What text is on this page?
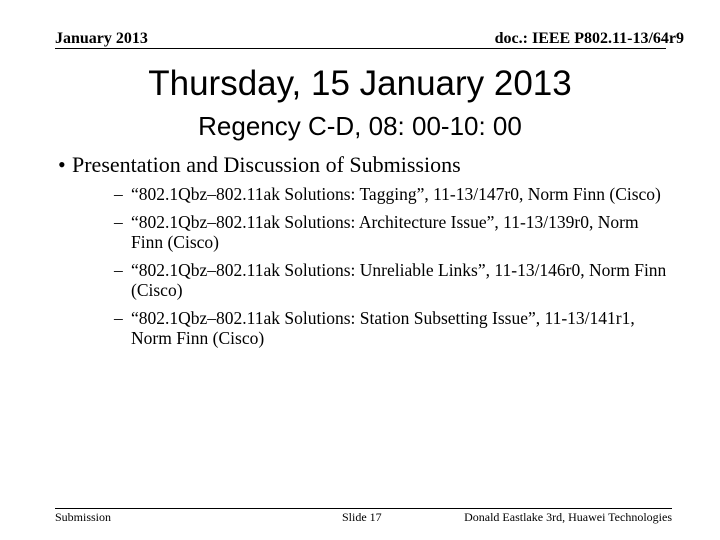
January 2013	doc.: IEEE P802.11-13/64r9
Thursday, 15 January 2013
Regency C-D, 08: 00-10: 00
• Presentation and Discussion of Submissions
– “802.1Qbz–802.11ak Solutions: Tagging”, 11-13/147r0, Norm Finn (Cisco)
– “802.1Qbz–802.11ak Solutions: Architecture Issue”, 11-13/139r0, Norm Finn (Cisco)
– “802.1Qbz–802.11ak Solutions: Unreliable Links”, 11-13/146r0, Norm Finn (Cisco)
– “802.1Qbz–802.11ak Solutions: Station Subsetting Issue”, 11-13/141r1, Norm Finn (Cisco)
Submission	Slide 17	Donald Eastlake 3rd, Huawei Technologies
